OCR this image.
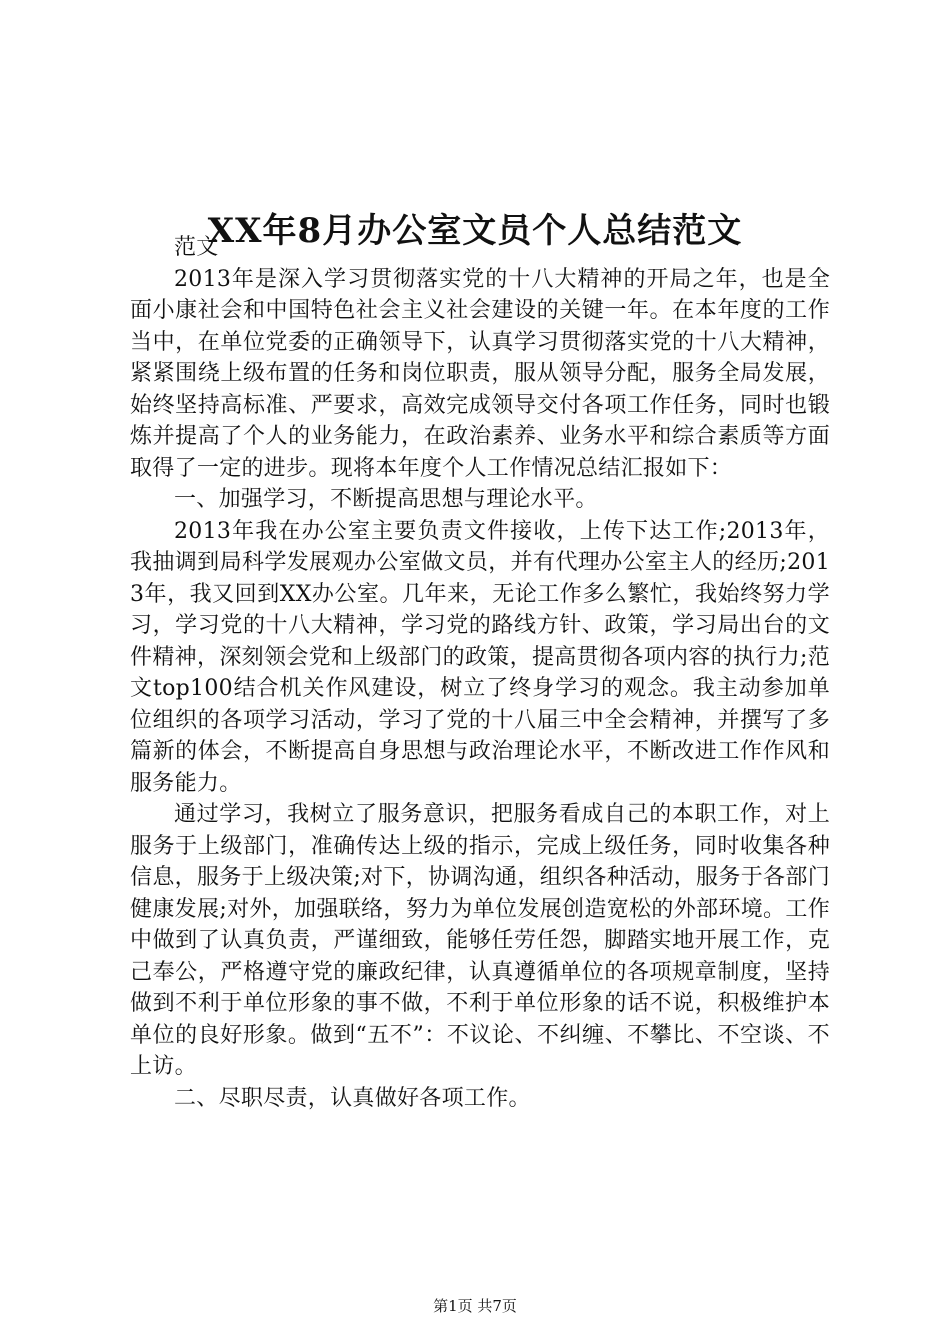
XX年8月办公室文员个人总结范文

范文

2013年是深入学习贯彻落实党的十八大精神的开局之年，也是全面小康社会和中国特色社会主义社会建设的关键一年。在本年度的工作当中，在单位党委的正确领导下，认真学习贯彻落实党的十八大精神，紧紧围绕上级布置的任务和岗位职责，服从领导分配，服务全局发展，始终坚持高标准、严要求，高效完成领导交付各项工作任务，同时也锻炼并提高了个人的业务能力，在政治素养、业务水平和综合素质等方面取得了一定的进步。现将本年度个人工作情况总结汇报如下：

一、加强学习，不断提高思想与理论水平。

2013年我在办公室主要负责文件接收，上传下达工作;2013年，我抽调到局科学发展观办公室做文员，并有代理办公室主人的经历;2013年，我又回到XX办公室。几年来，无论工作多么繁忙，我始终努力学习，学习党的十八大精神，学习党的路线方针、政策，学习局出台的文件精神，深刻领会党和上级部门的政策，提高贯彻各项内容的执行力;范文top100结合机关作风建设，树立了终身学习的观念。我主动参加单位组织的各项学习活动，学习了党的十八届三中全会精神，并撰写了多篇新的体会，不断提高自身思想与政治理论水平，不断改进工作作风和服务能力。

通过学习，我树立了服务意识，把服务看成自己的本职工作，对上服务于上级部门，准确传达上级的指示，完成上级任务，同时收集各种信息，服务于上级决策;对下，协调沟通，组织各种活动，服务于各部门健康发展;对外，加强联络，努力为单位发展创造宽松的外部环境。工作中做到了认真负责，严谨细致，能够任劳任怨，脚踏实地开展工作，克己奉公，严格遵守党的廉政纪律，认真遵循单位的各项规章制度，坚持做到不利于单位形象的事不做，不利于单位形象的话不说，积极维护本单位的良好形象。做到“五不”：不议论、不纠缠、不攀比、不空谈、不上访。

二、尽职尽责，认真做好各项工作。

第1页 共7页
